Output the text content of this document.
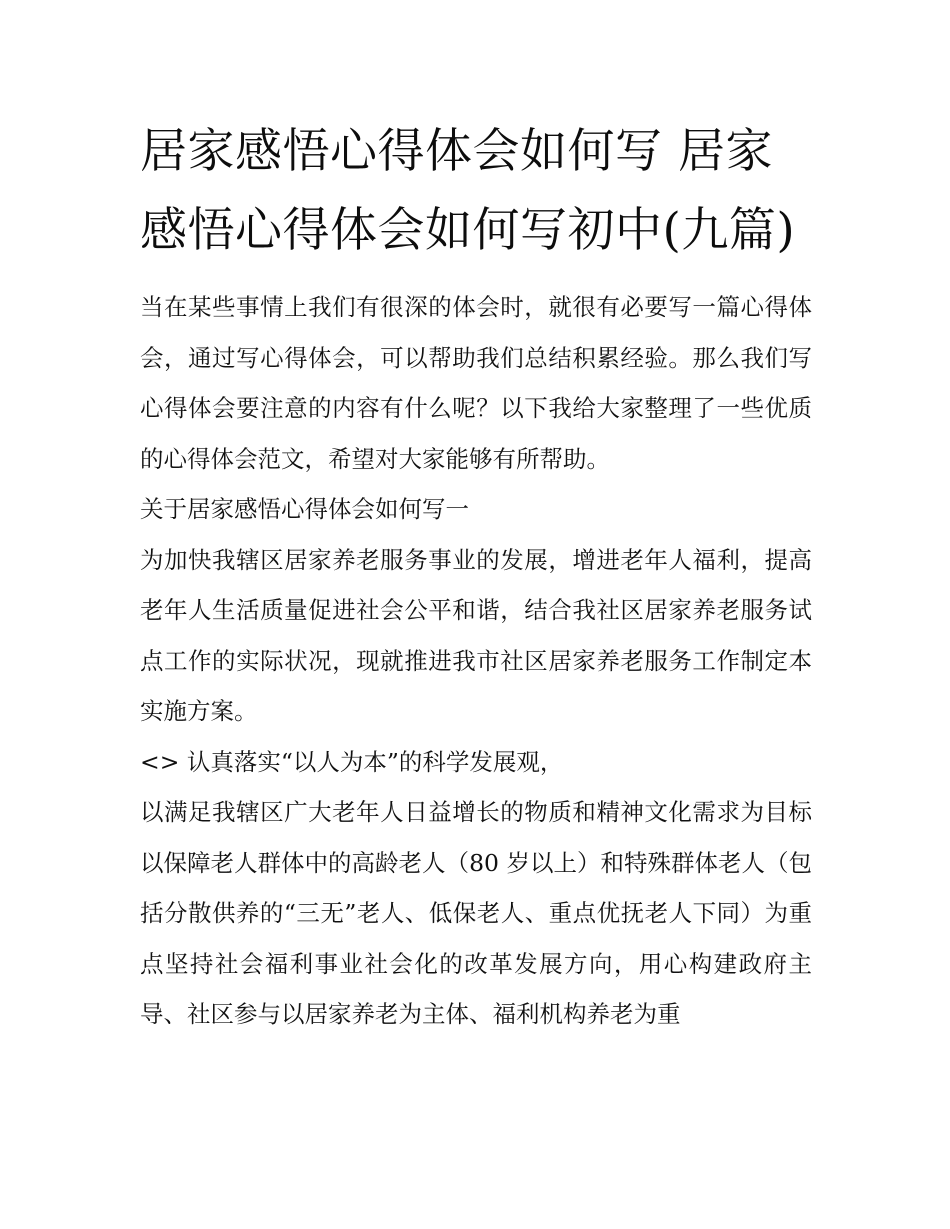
居家感悟心得体会如何写 居家感悟心得体会如何写初中(九篇)

当在某些事情上我们有很深的体会时，就很有必要写一篇心得体会，通过写心得体会，可以帮助我们总结积累经验。那么我们写心得体会要注意的内容有什么呢？以下我给大家整理了一些优质的心得体会范文，希望对大家能够有所帮助。

关于居家感悟心得体会如何写一

为加快我辖区居家养老服务事业的发展，增进老年人福利，提高老年人生活质量促进社会公平和谐，结合我社区居家养老服务试点工作的实际状况，现就推进我市社区居家养老服务工作制定本实施方案。

<> 认真落实“以人为本”的科学发展观，

以满足我辖区广大老年人日益增长的物质和精神文化需求为目标以保障老人群体中的高龄老人（80 岁以上）和特殊群体老人（包括分散供养的“三无”老人、低保老人、重点优抚老人下同）为重点坚持社会福利事业社会化的改革发展方向，用心构建政府主导、社区参与以居家养老为主体、福利机构养老为重
